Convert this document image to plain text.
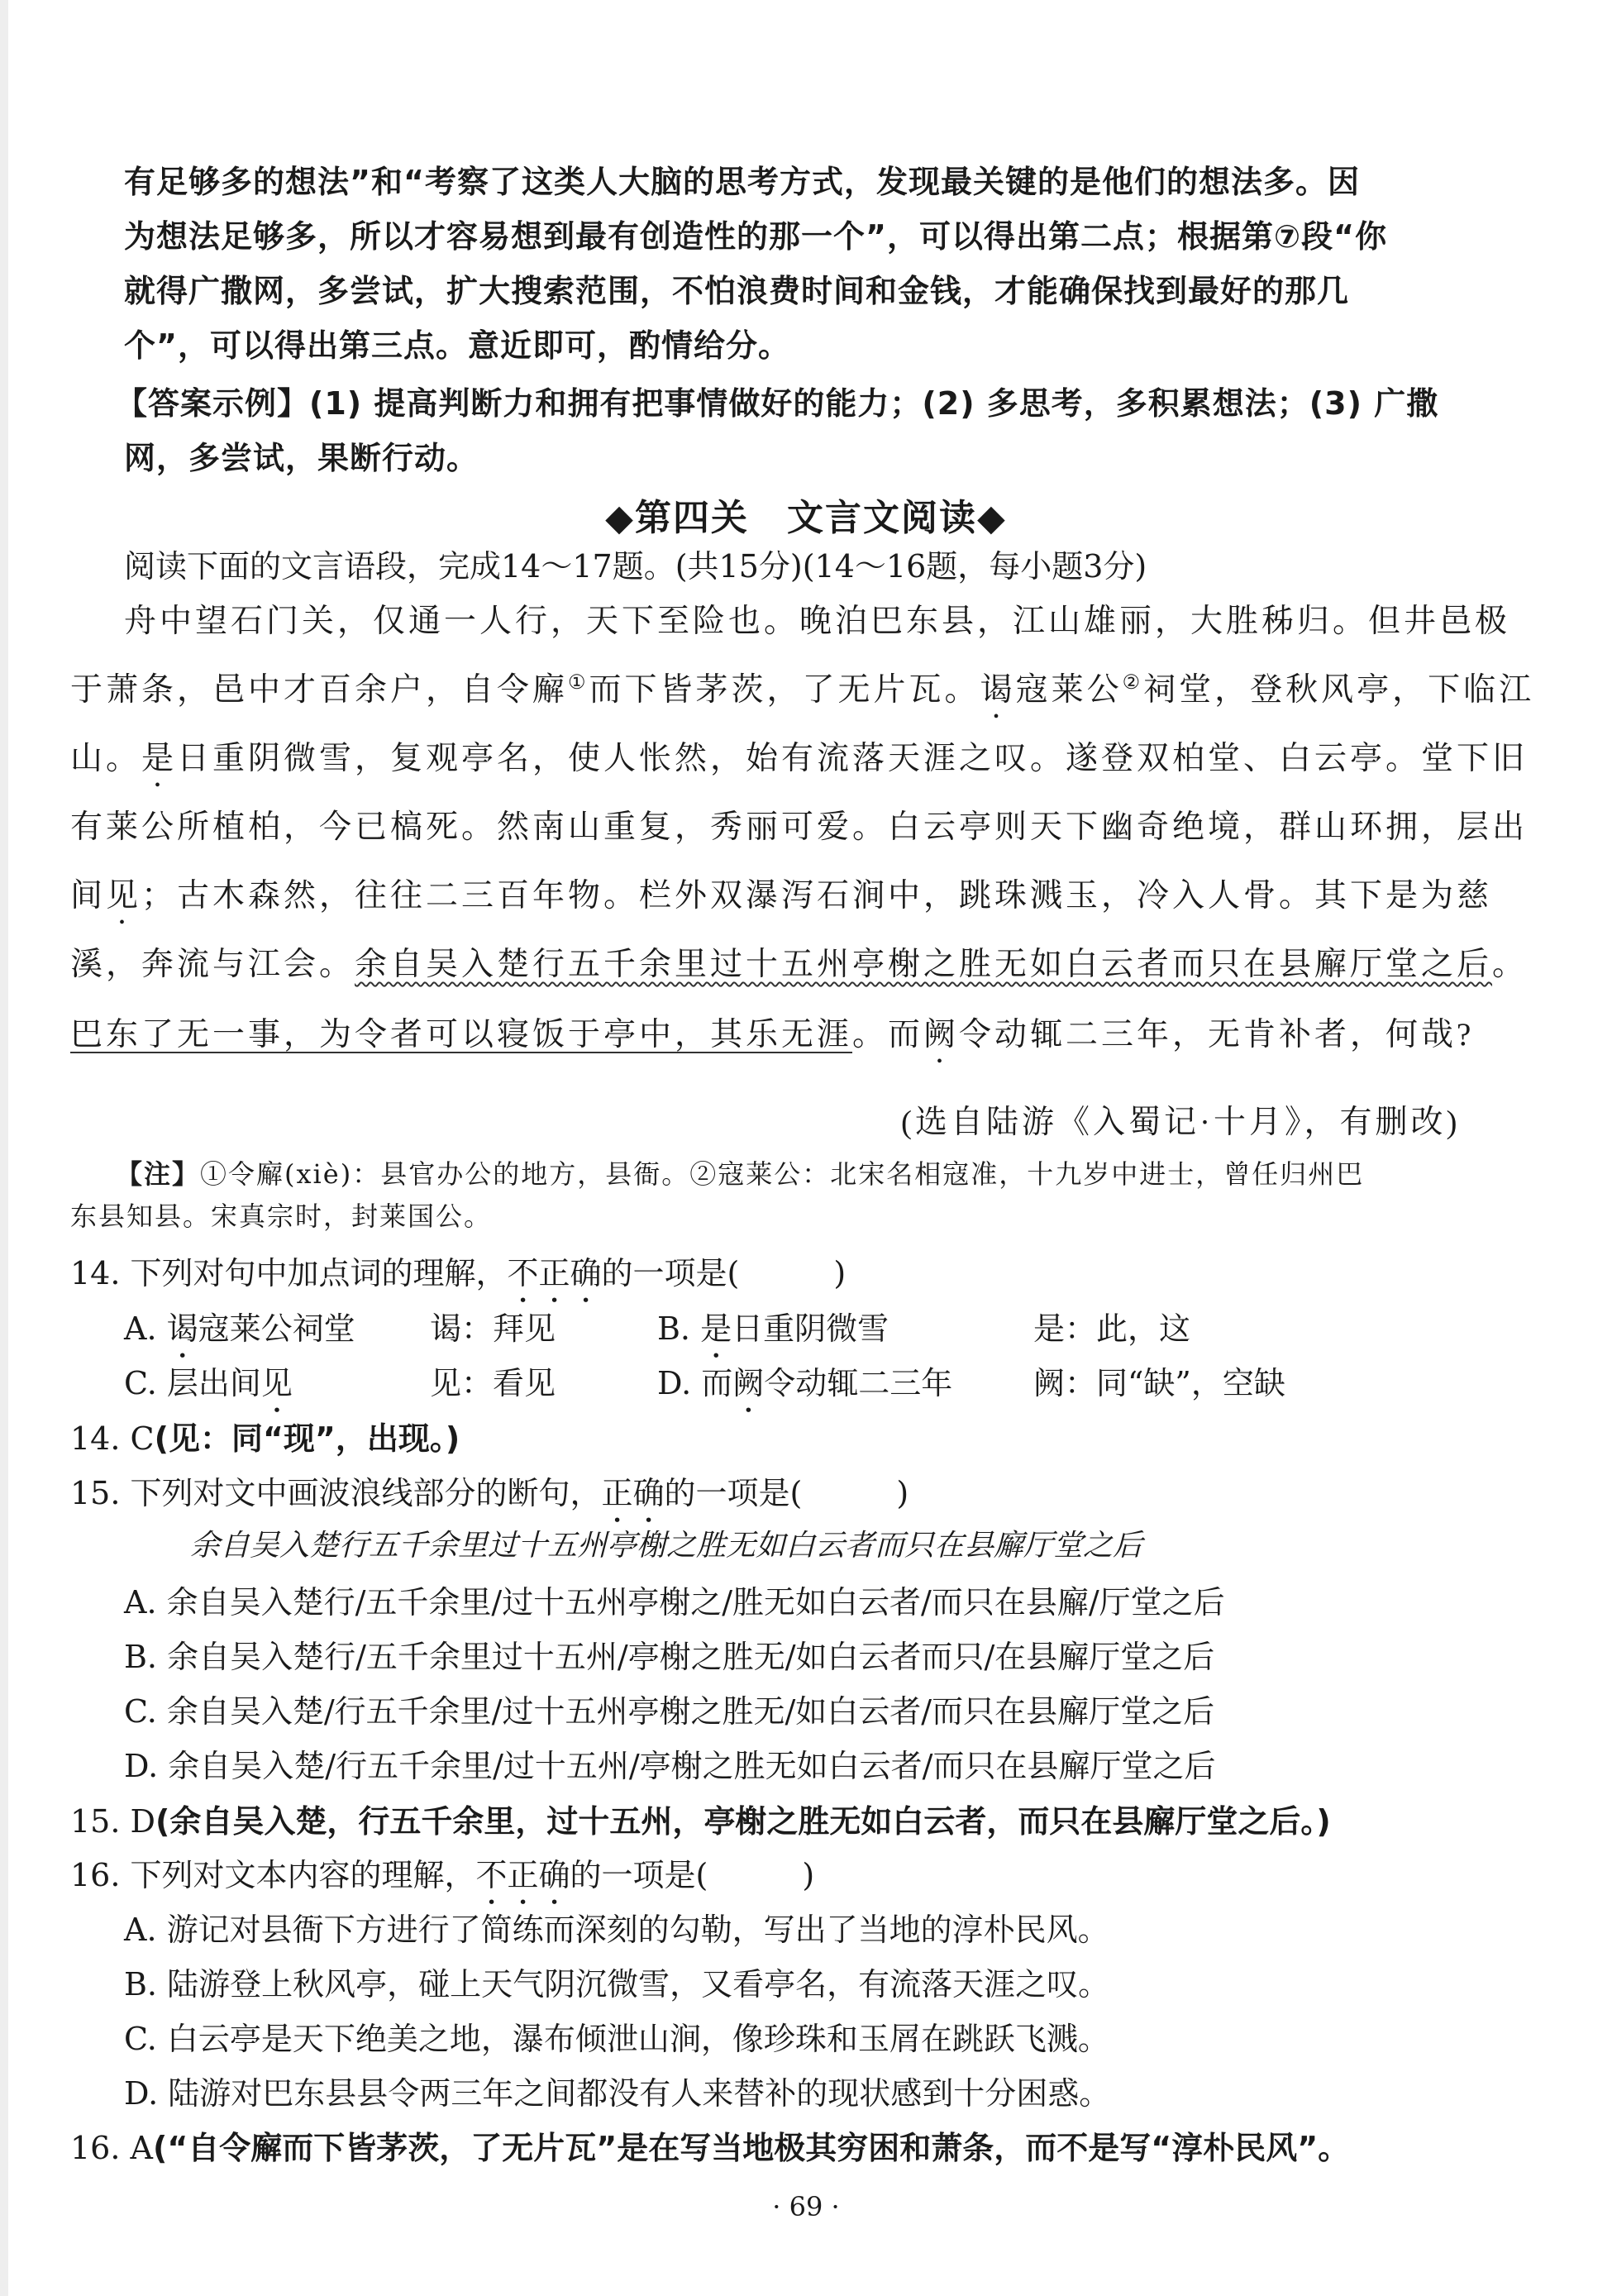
有足够多的想法”和“考察了这类人大脑的思考方式，发现最关键的是他们的想法多。因
为想法足够多，所以才容易想到最有创造性的那一个”，可以得出第二点；根据第⑦段“你
就得广撒网，多尝试，扩大搜索范围，不怕浪费时间和金钱，才能确保找到最好的那几
个”，可以得出第三点。意近即可，酌情给分。
【答案示例】(1) 提高判断力和拥有把事情做好的能力；(2) 多思考，多积累想法；(3) 广撒
网，多尝试，果断行动。
◆第四关　文言文阅读◆
阅读下面的文言语段，完成14～17题。(共15分)(14～16题，每小题3分)
舟中望石门关，仅通一人行，天下至险也。晚泊巴东县，江山雄丽，大胜秭归。但井邑极
于萧条，邑中才百余户，自令廨①而下皆茅茨，了无片瓦。谒寇莱公②祠堂，登秋风亭，下临江
山。是日重阴微雪，复观亭名，使人怅然，始有流落天涯之叹。遂登双柏堂、白云亭。堂下旧
有莱公所植柏，今已槁死。然南山重复，秀丽可爱。白云亭则天下幽奇绝境，群山环拥，层出
间见；古木森然，往往二三百年物。栏外双瀑泻石涧中，跳珠溅玉，冷入人骨。其下是为慈
溪，奔流与江会。余自吴入楚行五千余里过十五州亭榭之胜无如白云者而只在县廨厅堂之后。
巴东了无一事，为令者可以寝饭于亭中，其乐无涯。而阙令动辄二三年，无肯补者，何哉?
(选自陆游《入蜀记·十月》，有删改)
【注】①令廨(xiè)：县官办公的地方，县衙。②寇莱公：北宋名相寇准，十九岁中进士，曾任归州巴
东县知县。宋真宗时，封莱国公。
14. 下列对句中加点词的理解，不正确的一项是(　　　)
A. 谒寇莱公祠堂 谒：拜见	B. 是日重阴微雪	是：此，这
C. 层出间见	见：看见	D. 而阙令动辄二三年	阙：同“缺”，空缺
14. C(见：同“现”，出现。)
15. 下列对文中画波浪线部分的断句，正确的一项是(　　　)
余自吴入楚行五千余里过十五州亭榭之胜无如白云者而只在县廨厅堂之后
A. 余自吴入楚行/五千余里/过十五州亭榭之/胜无如白云者/而只在县廨/厅堂之后
B. 余自吴入楚行/五千余里过十五州/亭榭之胜无/如白云者而只/在县廨厅堂之后
C. 余自吴入楚/行五千余里/过十五州亭榭之胜无/如白云者/而只在县廨厅堂之后
D. 余自吴入楚/行五千余里/过十五州/亭榭之胜无如白云者/而只在县廨厅堂之后
15. D(余自吴入楚，行五千余里，过十五州，亭榭之胜无如白云者，而只在县廨厅堂之后。)
16. 下列对文本内容的理解，不正确的一项是(　　　)
A. 游记对县衙下方进行了简练而深刻的勾勒，写出了当地的淳朴民风。
B. 陆游登上秋风亭，碰上天气阴沉微雪，又看亭名，有流落天涯之叹。
C. 白云亭是天下绝美之地，瀑布倾泄山涧，像珍珠和玉屑在跳跃飞溅。
D. 陆游对巴东县县令两三年之间都没有人来替补的现状感到十分困惑。
16. A(“自令廨而下皆茅茨，了无片瓦”是在写当地极其穷困和萧条，而不是写“淳朴民风”。
· 69 ·
